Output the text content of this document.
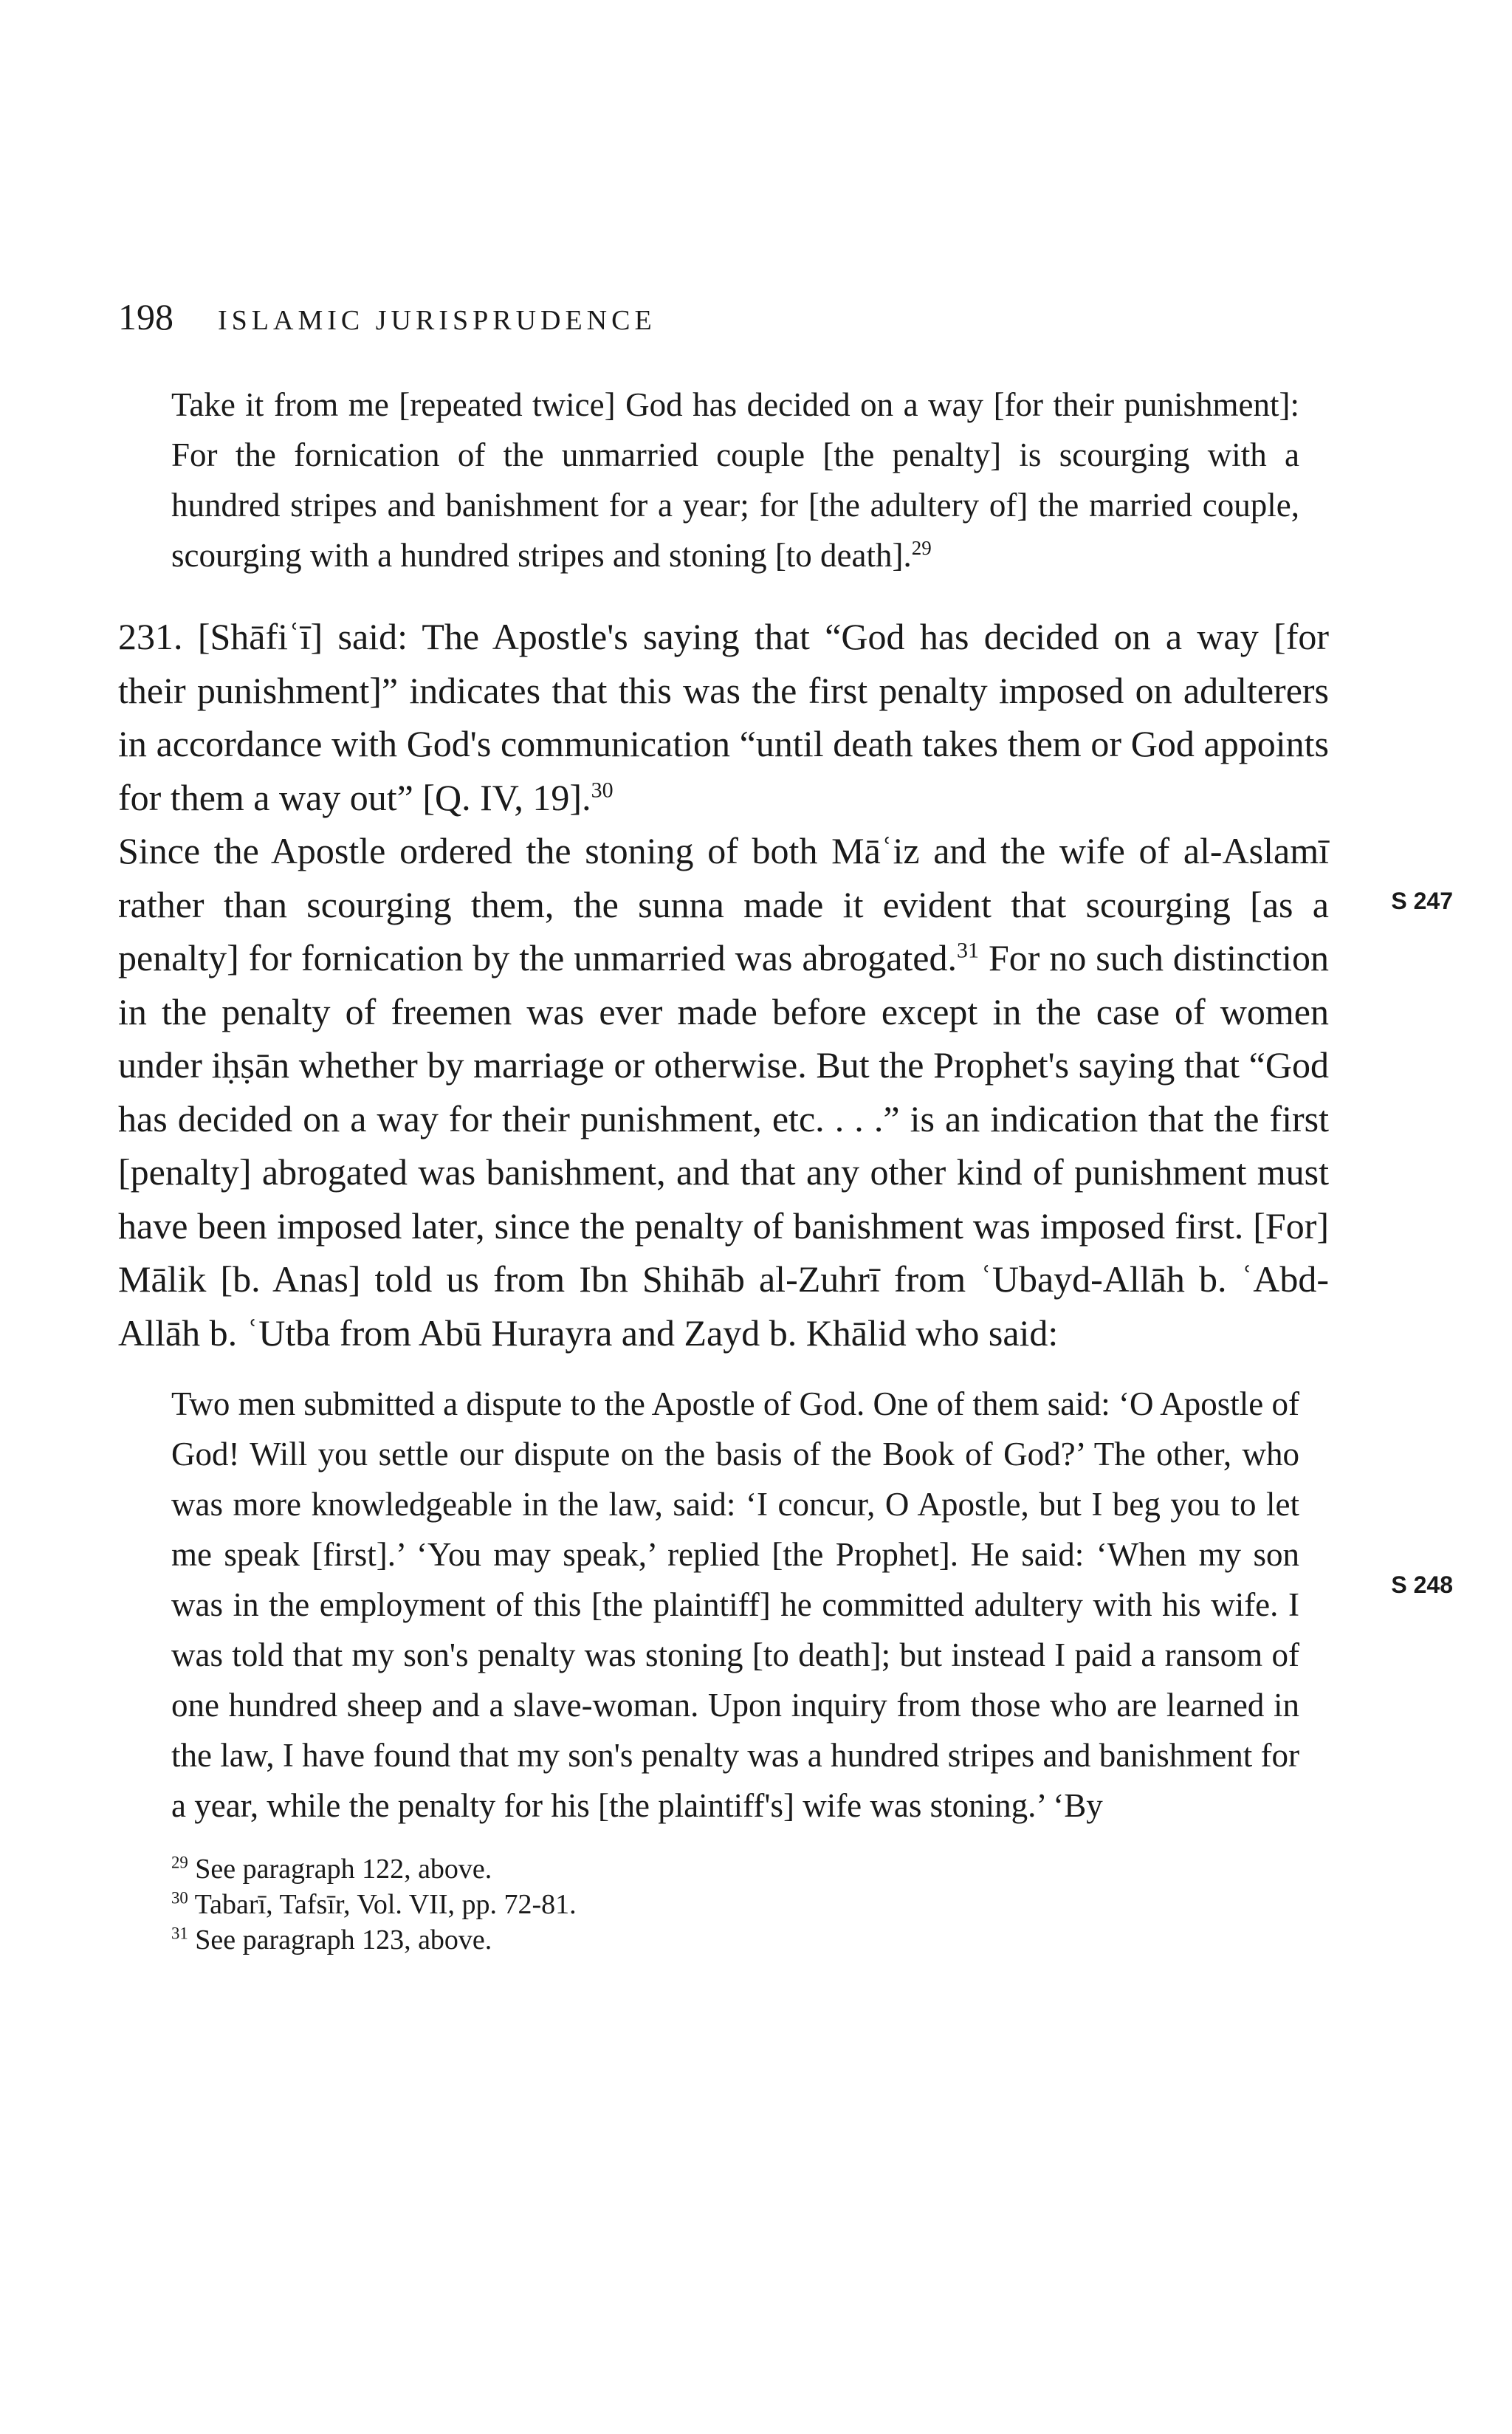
198 ISLAMIC JURISPRUDENCE

Take it from me [repeated twice] God has decided on a way [for their punishment]: For the fornication of the unmarried couple [the penalty] is scourging with a hundred stripes and banishment for a year; for [the adultery of] the married couple, scourging with a hundred stripes and stoning [to death].$^{29}$

231. [Shāfiʿī] said: The Apostle's saying that “God has decided on a way [for their punishment]” indicates that this was the first penalty imposed on adulterers in accordance with God's communication “until death takes them or God appoints for them a way out” [Q. IV, 19].$^{30}$

Since the Apostle ordered the stoning of both Māʿiz and the wife of al-Aslamī rather than scourging them, the sunna made it evident that scourging [as a penalty] for fornication by the unmarried was abrogated.$^{31}$ For no such distinction in the penalty of freemen was ever made before except in the case of women under iḥṣān whether by marriage or otherwise. But the Prophet's saying that “God has decided on a way for their punishment, etc. . . .” is an indication that the first [penalty] abrogated was banishment, and that any other kind of punishment must have been imposed later, since the penalty of banishment was imposed first. [For] Mālik [b. Anas] told us from Ibn Shihāb al-Zuhrī from ʿUbayd-Allāh b. ʿAbd-Allāh b. ʿUtba from Abū Hurayra and Zayd b. Khālid who said:

Two men submitted a dispute to the Apostle of God. One of them said: ‘O Apostle of God! Will you settle our dispute on the basis of the Book of God?’ The other, who was more knowledgeable in the law, said: ‘I concur, O Apostle, but I beg you to let me speak [first].’ ‘You may speak,’ replied [the Prophet]. He said: ‘When my son was in the employment of this [the plaintiff] he committed adultery with his wife. I was told that my son's penalty was stoning [to death]; but instead I paid a ransom of one hundred sheep and a slave-woman. Upon inquiry from those who are learned in the law, I have found that my son's penalty was a hundred stripes and banishment for a year, while the penalty for his [the plaintiff's] wife was stoning.’ ‘By

$^{29}$ See paragraph 122, above.

$^{30}$ Tabarī, Tafsīr, Vol. VII, pp. 72-81.

$^{31}$ See paragraph 123, above.

S 247
S 248
